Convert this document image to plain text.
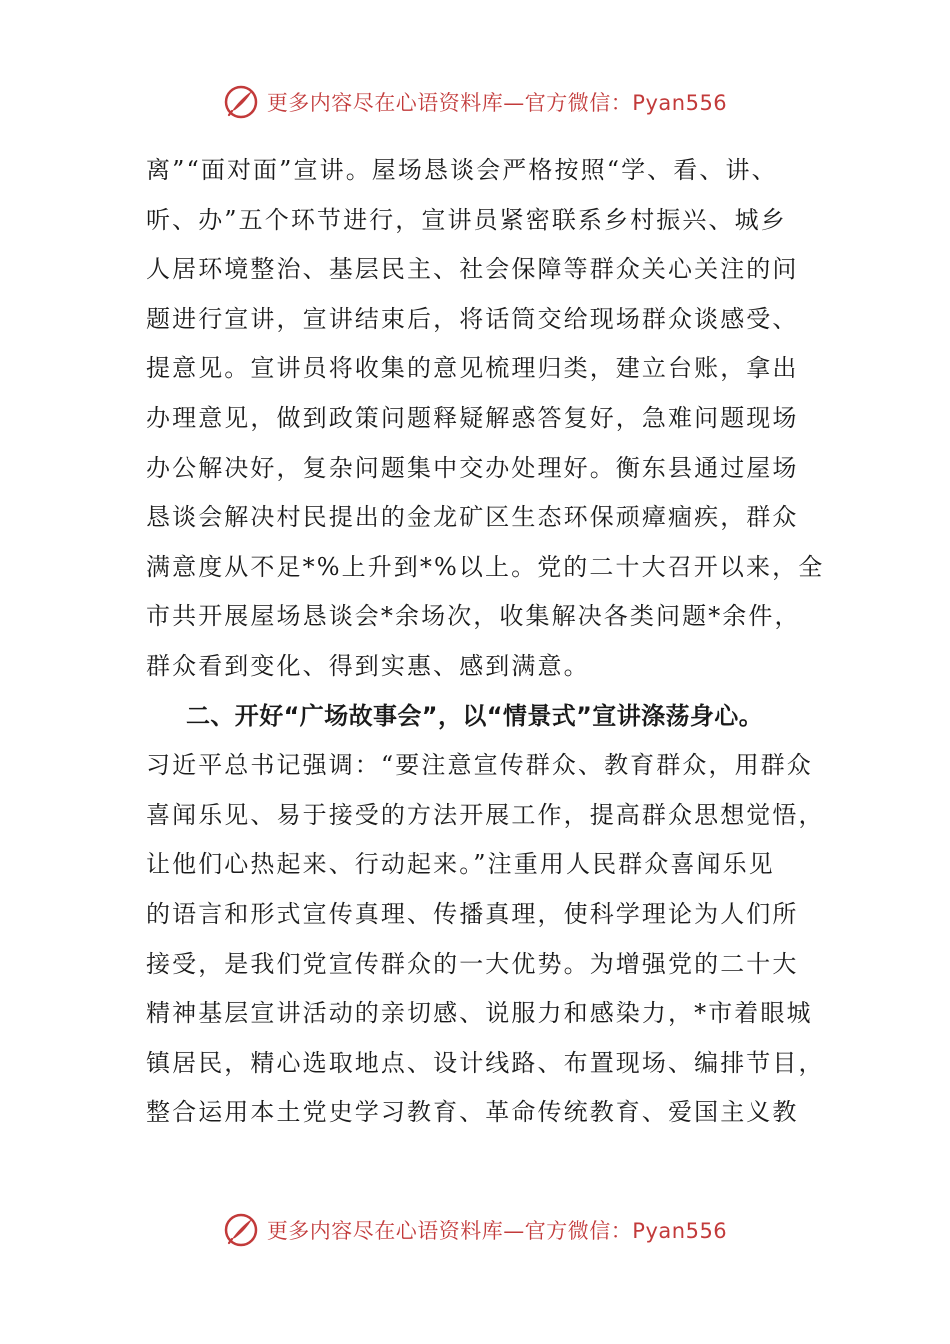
更多内容尽在心语资料库—官方微信：Pyan556
离”“面对面”宣讲。屋场恳谈会严格按照“学、看、讲、
听、办”五个环节进行，宣讲员紧密联系乡村振兴、城乡
人居环境整治、基层民主、社会保障等群众关心关注的问
题进行宣讲，宣讲结束后，将话筒交给现场群众谈感受、
提意见。宣讲员将收集的意见梳理归类，建立台账，拿出
办理意见，做到政策问题释疑解惑答复好，急难问题现场
办公解决好，复杂问题集中交办处理好。衡东县通过屋场
恳谈会解决村民提出的金龙矿区生态环保顽瘴痼疾，群众
满意度从不足*%上升到*%以上。党的二十大召开以来，全
市共开展屋场恳谈会*余场次，收集解决各类问题*余件，
群众看到变化、得到实惠、感到满意。
二、开好“广场故事会”，以“情景式”宣讲涤荡身心。
习近平总书记强调：“要注意宣传群众、教育群众，用群众
喜闻乐见、易于接受的方法开展工作，提高群众思想觉悟，
让他们心热起来、行动起来。”注重用人民群众喜闻乐见
的语言和形式宣传真理、传播真理，使科学理论为人们所
接受，是我们党宣传群众的一大优势。为增强党的二十大
精神基层宣讲活动的亲切感、说服力和感染力，*市着眼城
镇居民，精心选取地点、设计线路、布置现场、编排节目，
整合运用本土党史学习教育、革命传统教育、爱国主义教
更多内容尽在心语资料库—官方微信：Pyan556
